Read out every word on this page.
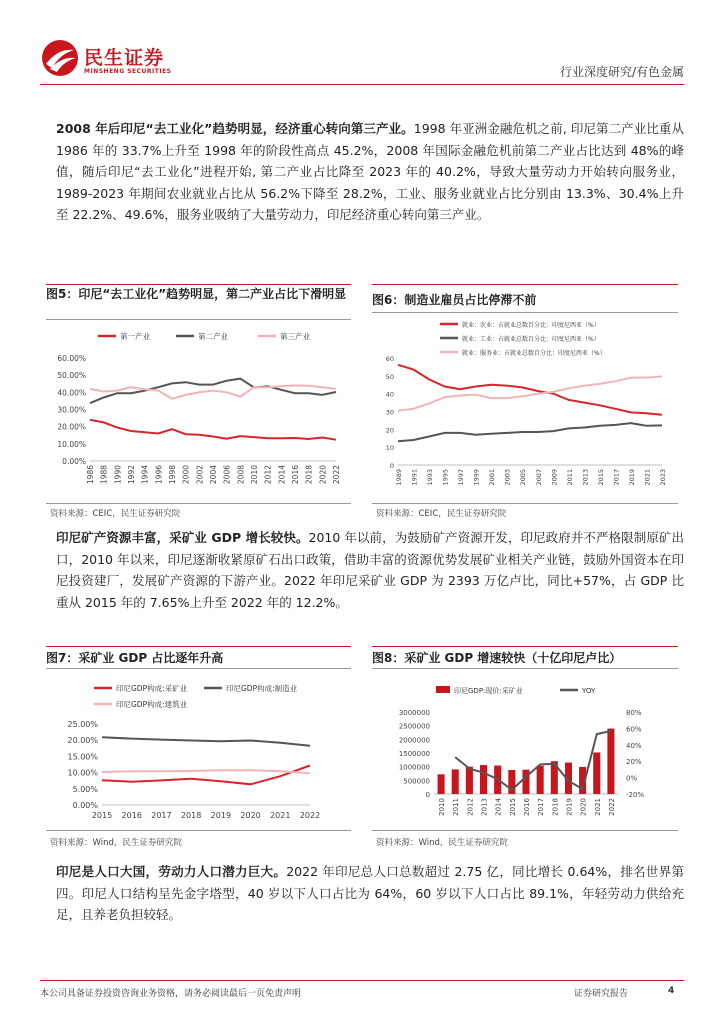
民生证券
MINSHENG SECURITIES	行业深度研究/有色金属
2008 年后印尼“去工业化”趋势明显，经济重心转向第三产业。1998 年亚洲金融危机之前, 印尼第二产业比重从 1986 年的 33.7%上升至 1998 年的阶段性高点 45.2%，2008 年国际金融危机前第二产业占比达到 48%的峰值，随后印尼“去工业化”进程开始, 第二产业占比降至 2023 年的 40.2%，导致大量劳动力开始转向服务业，1989-2023 年期间农业就业占比从 56.2%下降至 28.2%，工业、服务业就业占比分别由 13.3%、30.4%上升至 22.2%、49.6%，服务业吸纳了大量劳动力，印尼经济重心转向第三产业。
图5：印尼“去工业化”趋势明显，第二产业占比下滑明显	图6：制造业雇员占比停滞不前
0.00%
10.00%
20.00%
30.00%
40.00%
50.00%
60.00%
1986 1988 1990 1992 1994 1996 1998 2000 2002 2004 2006 2008 2010 2012 2014 2016 2018 2020 2022
第一产业	第二产业	第三产业
0
10
20
30
40
50
60
1989 1991 1993 1995 1997 1999 2001 2003 2005 2007 2009 2011 2013 2015 2017 2019 2021 2023
就业：农业：占就业总数百分比：印度尼西亚（%）
就业：工业：占就业总数百分比：印度尼西亚（%）
就业：服务业：占就业总数百分比：印度尼西亚（%）
资料来源：CEIC，民生证券研究院	资料来源：CEIC，民生证券研究院
印尼矿产资源丰富，采矿业 GDP 增长较快。2010 年以前，为鼓励矿产资源开发，印尼政府并不严格限制原矿出口，2010 年以来，印尼逐渐收紧原矿石出口政策，借助丰富的资源优势发展矿业相关产业链，鼓励外国资本在印尼投资建厂，发展矿产资源的下游产业。2022 年印尼采矿业 GDP 为 2393 万亿卢比，同比+57%，占 GDP 比重从 2015 年的 7.65%上升至 2022 年的 12.2%。
图7：采矿业 GDP 占比逐年升高	图8：采矿业 GDP 增速较快（十亿印尼卢比）
0.00%
5.00%
10.00%
15.00%
20.00%
25.00%
2015 2016 2017 2018 2019 2020 2021 2022
印尼GDP构成:采矿业	印尼GDP构成:制造业
印尼GDP构成:建筑业
0
500000
1000000
1500000
2000000
2500000
3000000
-20%
0%
20%
40%
60%
80%
2010 2011 2012 2013 2014 2015 2016 2017 2018 2019 2020 2021 2022
印尼GDP:现价:采矿业	YOY
资料来源：Wind，民生证券研究院	资料来源：Wind，民生证券研究院
印尼是人口大国，劳动力人口潜力巨大。2022 年印尼总人口总数超过 2.75 亿，同比增长 0.64%，排名世界第四。印尼人口结构呈先金字塔型，40 岁以下人口占比为 64%，60 岁以下人口占比 89.1%，年轻劳动力供给充足，且养老负担较轻。
本公司具备证券投资咨询业务资格，请务必阅读最后一页免责声明	证券研究报告	4
